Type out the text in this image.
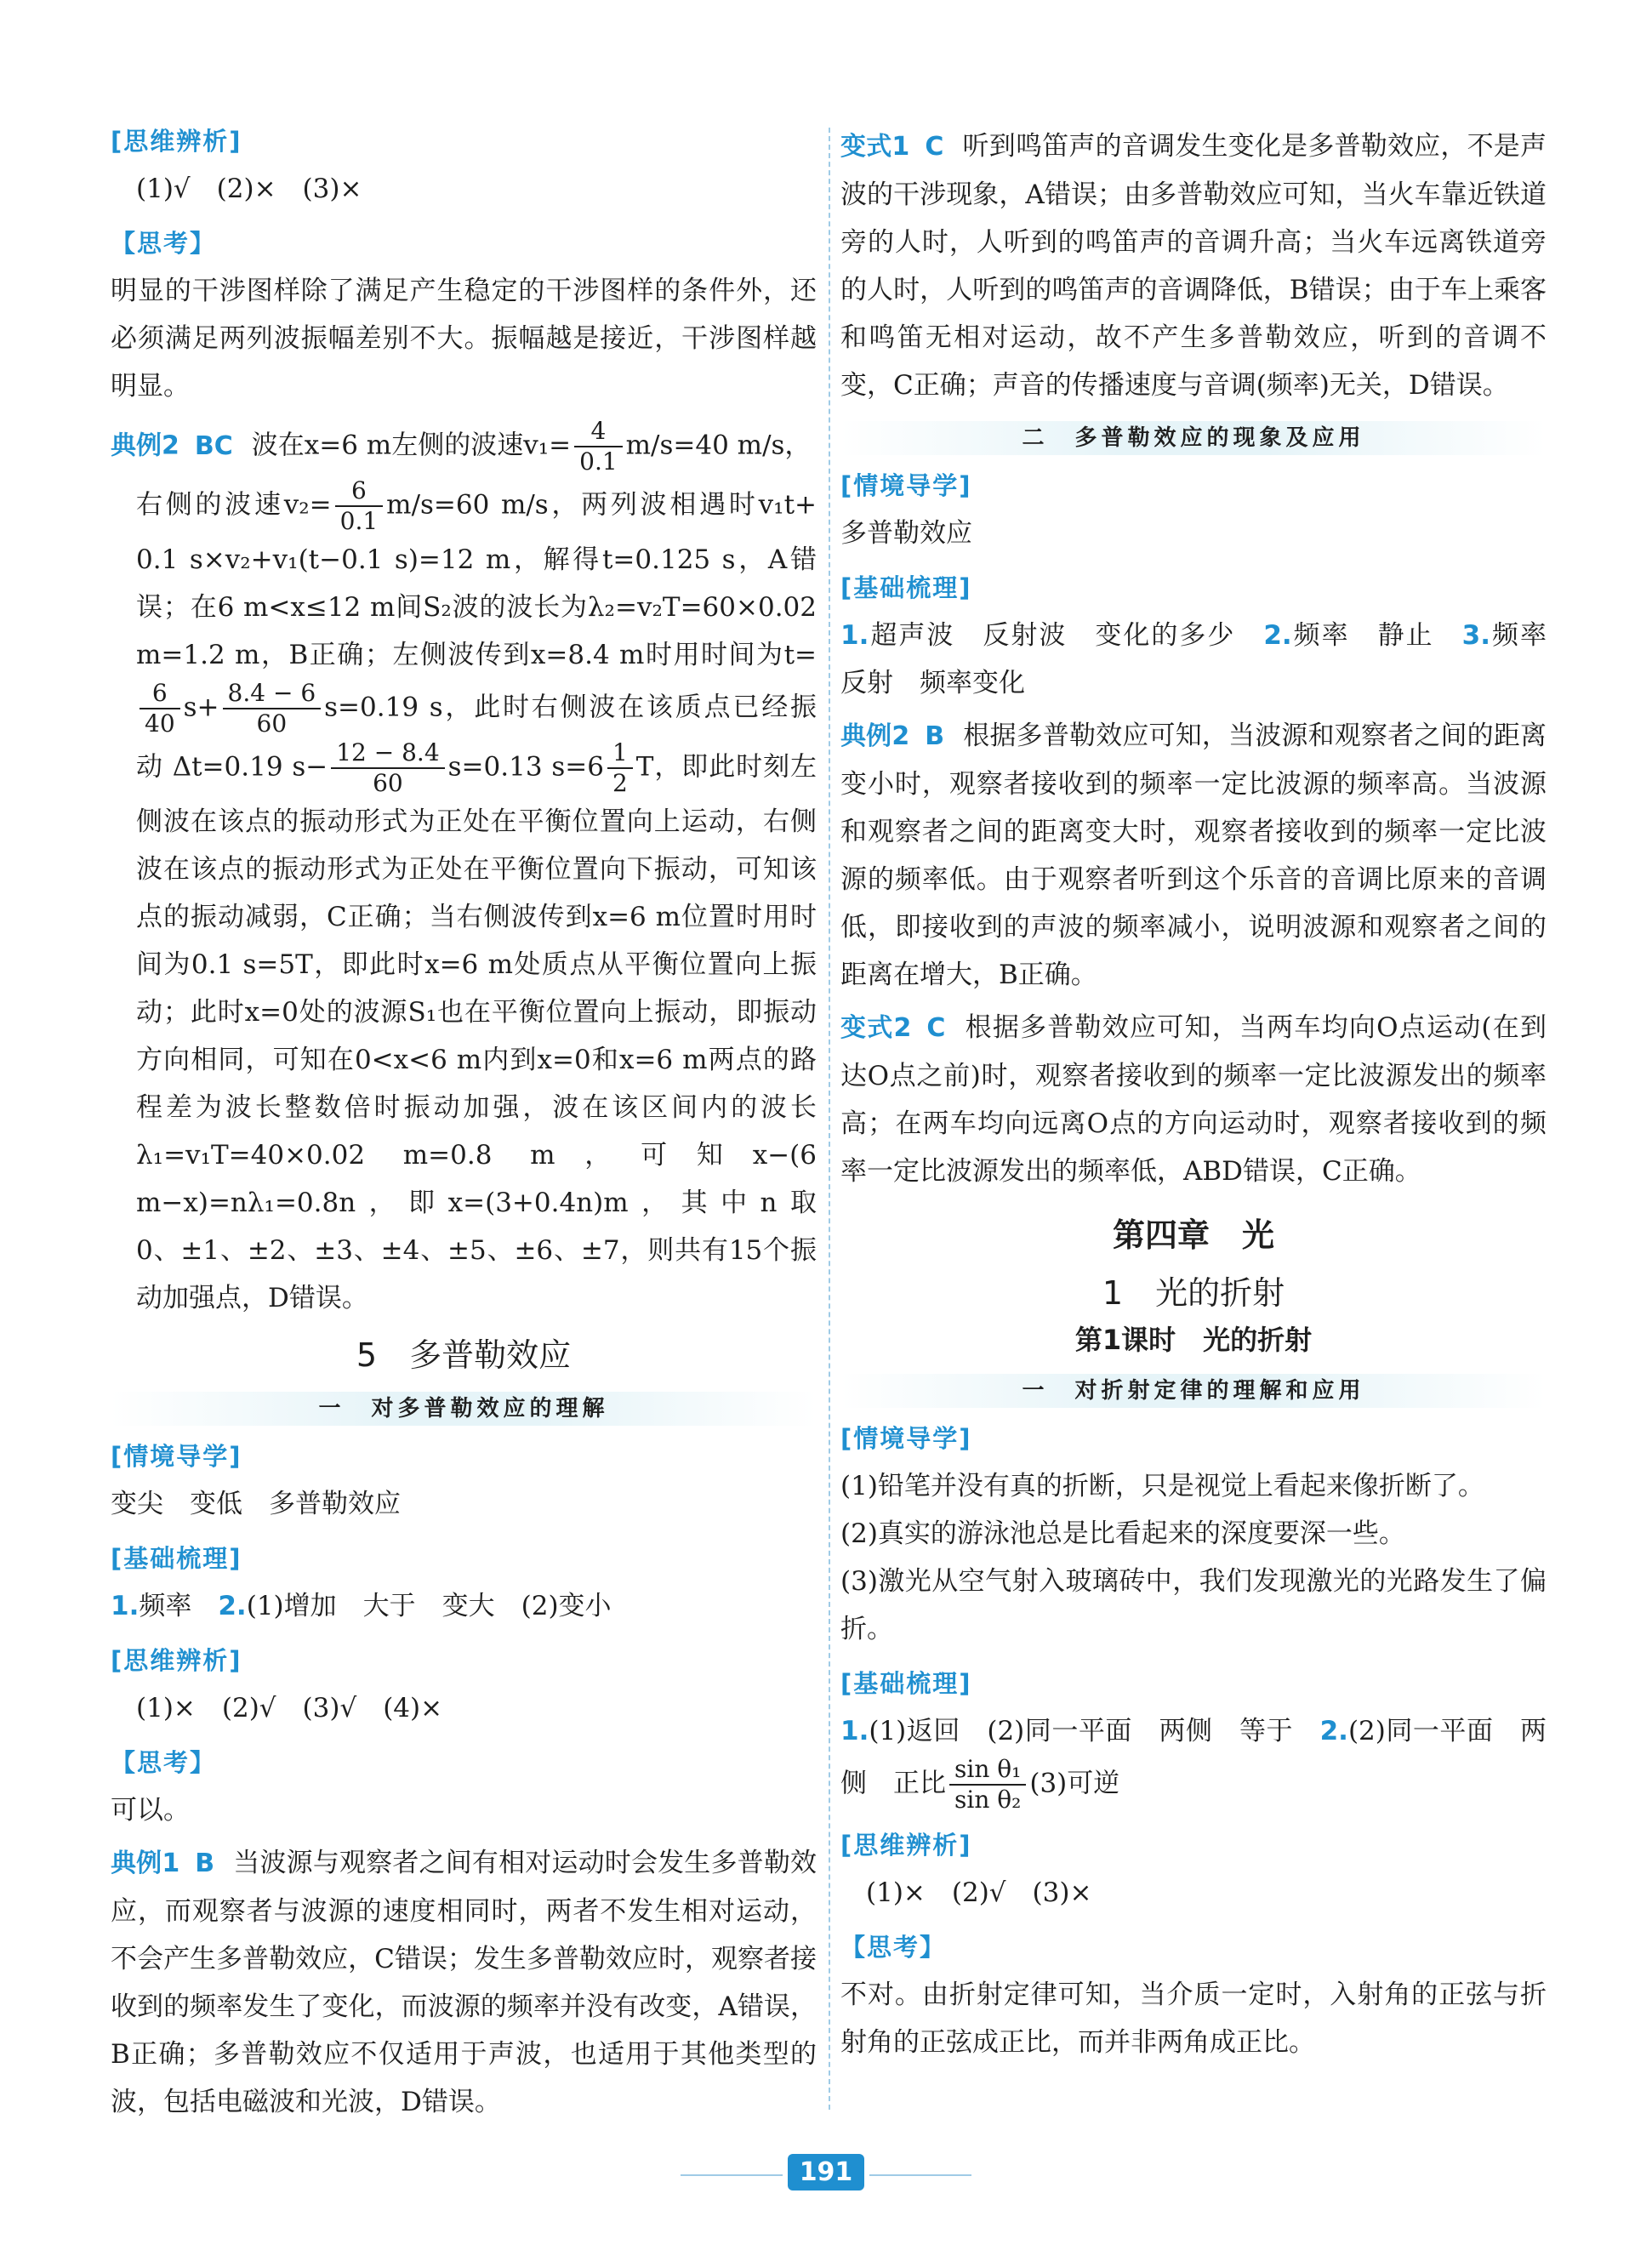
[思维辨析]

(1)√　(2)×　(3)×

【思考】

明显的干涉图样除了满足产生稳定的干涉图样的条件外，还必须满足两列波振幅差别不大。振幅越是接近，干涉图样越明显。

典例2 BC 波在x=6 m左侧的波速$v_1= \frac{4}{0.1} m/s=40$ m/s，
右侧的波速$v_2= \frac{6}{0.1} m/s=60$ m/s，两列波相遇时v₁t+ 0.1 s×v₂+v₁(t−0.1 s)=12 m，解得t=0.125 s，A错误；在6 m<x≤12 m间S₂波的波长为λ₂=v₂T=60×0.02 m=1.2 m，B正确；左侧波传到x=8.4 m时用时间为t=
$\frac{6}{40} s+ \frac{8.4 - 6}{60} s=0.19$ s，此时右侧波在该质点已经振 动 Δt=0.19 $s- \frac{12 - 8.4}{60} s=0.13$ $s=6 \frac{1}{2}$ T，即此时刻左侧波在该点的振动形式为正处在平衡位置向上运动，右侧波在该点的振动形式为正处在平衡位置向下振动，可知该点的振动减弱，C正确；当右侧波传到x=6 m位置时用时间为0.1 s=5T，即此时x=6 m处质点从平衡位置向上振动；此时x=0处的波源S₁也在平衡位置向上振动，即振动方向相同，可知在0<x<6 m内到x=0和x=6 m两点的路程差为波长整数倍时振动加强，波在该区间内的波长λ₁=v₁T=40×0.02 m=0.8 m，可知x−(6 m−x)=nλ₁=0.8n，即x=(3+0.4n)m，其中n取0、±1、±2、±3、±4、±5、±6、±7，则共有15个振动加强点，D错误。
5　多普勒效应
一　对多普勒效应的理解
[情境导学]

变尖　变低　多普勒效应

[基础梳理]

1.频率　2.(1)增加　大于　变大　(2)变小

[思维辨析]

(1)×　(2)√　(3)√　(4)×

【思考】

可以。

典例1 B 当波源与观察者之间有相对运动时会发生多普勒效应，而观察者与波源的速度相同时，两者不发生相对运动，不会产生多普勒效应，C错误；发生多普勒效应时，观察者接收到的频率发生了变化，而波源的频率并没有改变，A错误，B正确；多普勒效应不仅适用于声波，也适用于其他类型的波，包括电磁波和光波，D错误。
变式1 C 听到鸣笛声的音调发生变化是多普勒效应，不是声波的干涉现象，A错误；由多普勒效应可知，当火车靠近铁道旁的人时，人听到的鸣笛声的音调升高；当火车远离铁道旁的人时，人听到的鸣笛声的音调降低，B错误；由于车上乘客和鸣笛无相对运动，故不产生多普勒效应，听到的音调不变，C正确；声音的传播速度与音调(频率)无关，D错误。
二　多普勒效应的现象及应用
[情境导学]

多普勒效应

[基础梳理]

1.超声波　反射波　变化的多少　2.频率　静止　3.频率　反射　频率变化

典例2 B 根据多普勒效应可知，当波源和观察者之间的距离变小时，观察者接收到的频率一定比波源的频率高。当波源和观察者之间的距离变大时，观察者接收到的频率一定比波源的频率低。由于观察者听到这个乐音的音调比原来的音调低，即接收到的声波的频率减小，说明波源和观察者之间的距离在增大，B正确。
变式2 C 根据多普勒效应可知，当两车均向O点运动(在到达O点之前)时，观察者接收到的频率一定比波源发出的频率高；在两车均向远离O点的方向运动时，观察者接收到的频率一定比波源发出的频率低，ABD错误，C正确。
第四章　光
1　光的折射
第1课时　光的折射
一　对折射定律的理解和应用
[情境导学]

(1)铅笔并没有真的折断，只是视觉上看起来像折断了。

(2)真实的游泳池总是比看起来的深度要深一些。

(3)激光从空气射入玻璃砖中，我们发现激光的光路发生了偏折。

[基础梳理]

1.(1)返回　(2)同一平面　两侧　等于　2.(2)同一平面　两侧　正比 $\frac{\text{sin θ₁}}{\text{sin θ₂}} (3)$可逆

[思维辨析]

(1)×　(2)√　(3)×

【思考】

不对。由折射定律可知，当介质一定时，入射角的正弦与折射角的正弦成正比，而并非两角成正比。

191
